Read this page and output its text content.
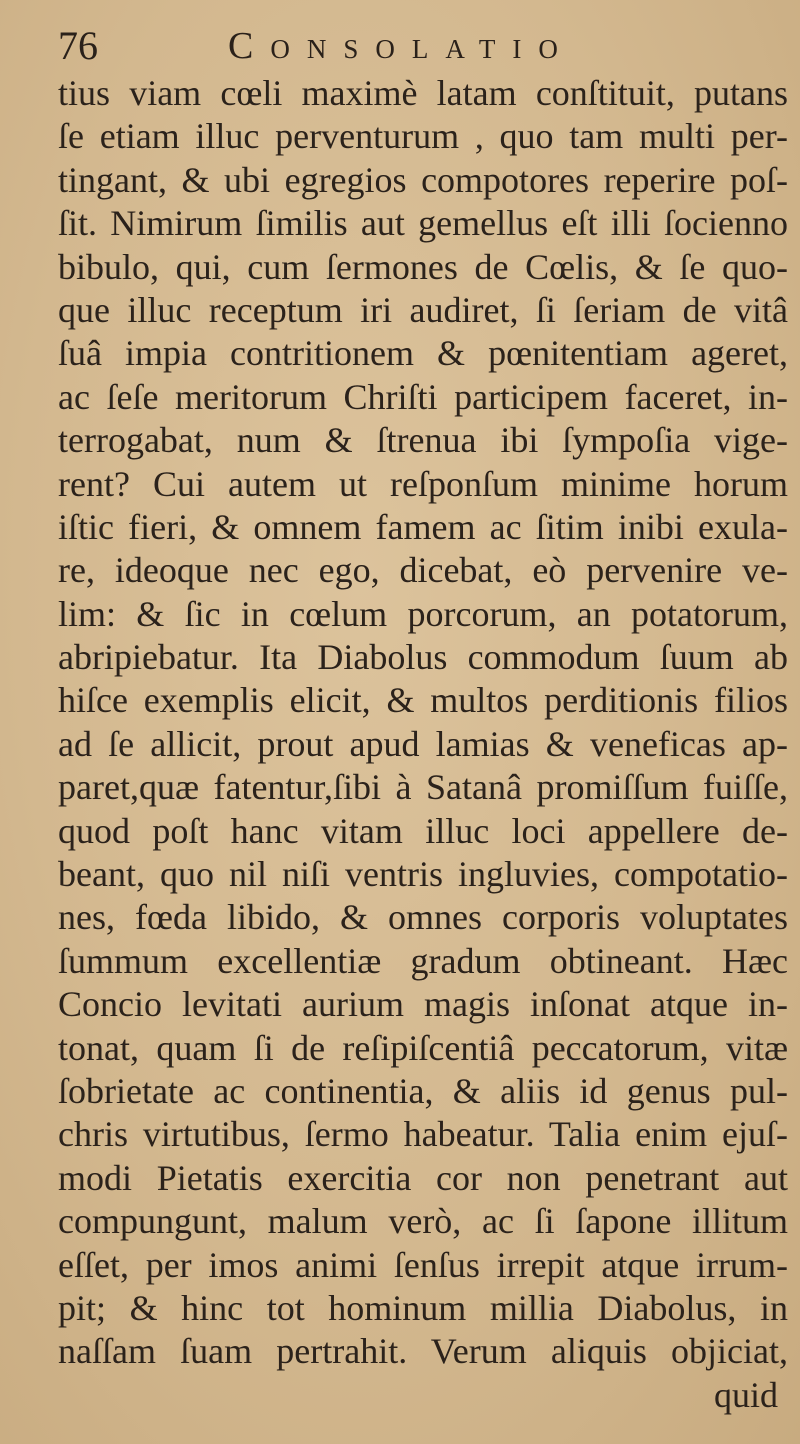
76	Consolatio
tius viam cœli maximè latam conſtituit, putans
ſe etiam illuc perventurum , quo tam multi per-
tingant, & ubi egregios compotores reperire poſ-
ſit. Nimirum ſimilis aut gemellus eſt illi ſocienno
bibulo, qui, cum ſermones de Cœlis, & ſe quo-
que illuc receptum iri audiret, ſi ſeriam de vitâ
ſuâ impia contritionem & pœnitentiam ageret,
ac ſeſe meritorum Chriſti participem faceret, in-
terrogabat, num & ſtrenua ibi ſympoſia vige-
rent? Cui autem ut reſponſum minime horum
iſtic fieri, & omnem famem ac ſitim inibi exula-
re, ideoque nec ego, dicebat, eò pervenire ve-
lim: & ſic in cœlum porcorum, an potatorum,
abripiebatur. Ita Diabolus commodum ſuum ab
hiſce exemplis elicit, & multos perditionis filios
ad ſe allicit, prout apud lamias & veneficas ap-
paret,quæ fatentur,ſibi à Satanâ promiſſum fuiſſe,
quod poſt hanc vitam illuc loci appellere de-
beant, quo nil niſi ventris ingluvies, compotatio-
nes, fœda libido, & omnes corporis voluptates
ſummum excellentiæ gradum obtineant. Hæc
Concio levitati aurium magis inſonat atque in-
tonat, quam ſi de reſipiſcentiâ peccatorum, vitæ
ſobrietate ac continentia, & aliis id genus pul-
chris virtutibus, ſermo habeatur. Talia enim ejuſ-
modi Pietatis exercitia cor non penetrant aut
compungunt, malum verò, ac ſi ſapone illitum
eſſet, per imos animi ſenſus irrepit atque irrum-
pit; & hinc tot hominum millia Diabolus, in
naſſam ſuam pertrahit. Verum aliquis objiciat,
quid
